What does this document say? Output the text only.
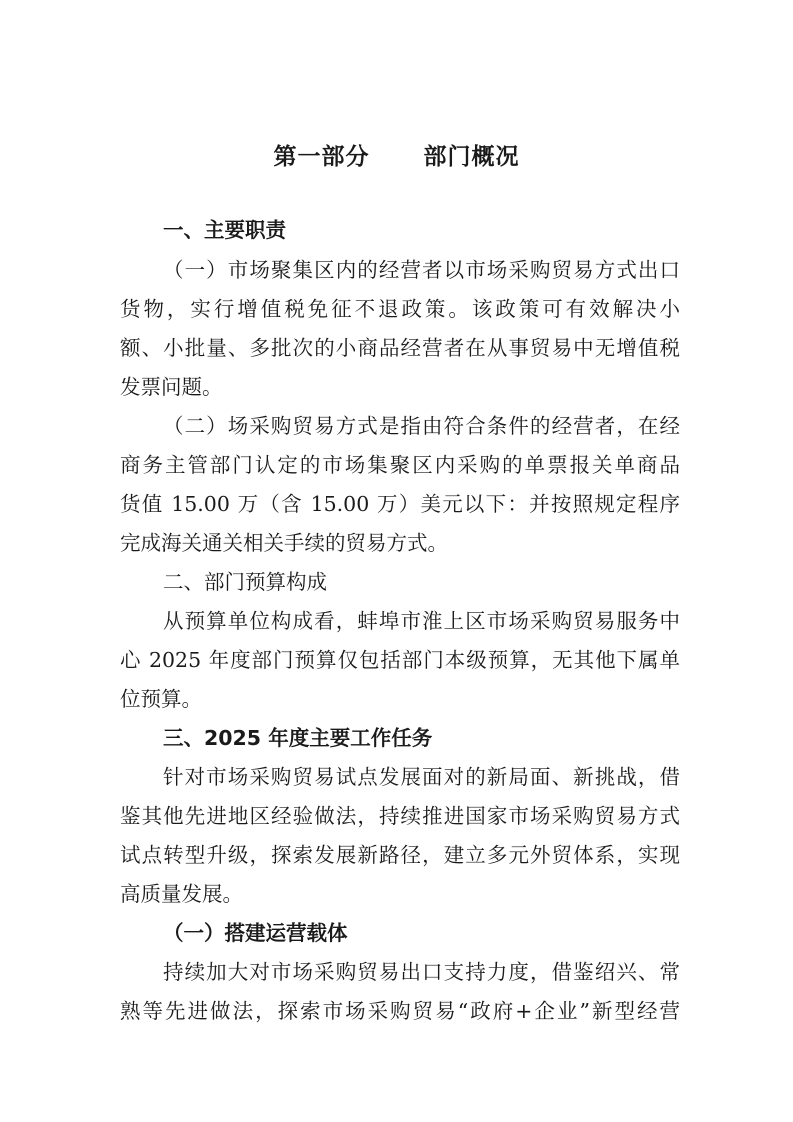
第一部分      部门概况
一、主要职责
（一）市场聚集区内的经营者以市场采购贸易方式出口
货物，实行增值税免征不退政策。该政策可有效解决小
额、小批量、多批次的小商品经营者在从事贸易中无增值税
发票问题。
（二）场采购贸易方式是指由符合条件的经营者，在经
商务主管部门认定的市场集聚区内采购的单票报关单商品
货值 15.00 万（含 15.00 万）美元以下：并按照规定程序
完成海关通关相关手续的贸易方式。
二、部门预算构成
从预算单位构成看，蚌埠市淮上区市场采购贸易服务中
心 2025 年度部门预算仅包括部门本级预算，无其他下属单
位预算。
三、2025 年度主要工作任务
针对市场采购贸易试点发展面对的新局面、新挑战，借
鉴其他先进地区经验做法，持续推进国家市场采购贸易方式
试点转型升级，探索发展新路径，建立多元外贸体系，实现
高质量发展。
（一）搭建运营载体
持续加大对市场采购贸易出口支持力度，借鉴绍兴、常
熟等先进做法，探索市场采购贸易“政府+企业”新型经营
